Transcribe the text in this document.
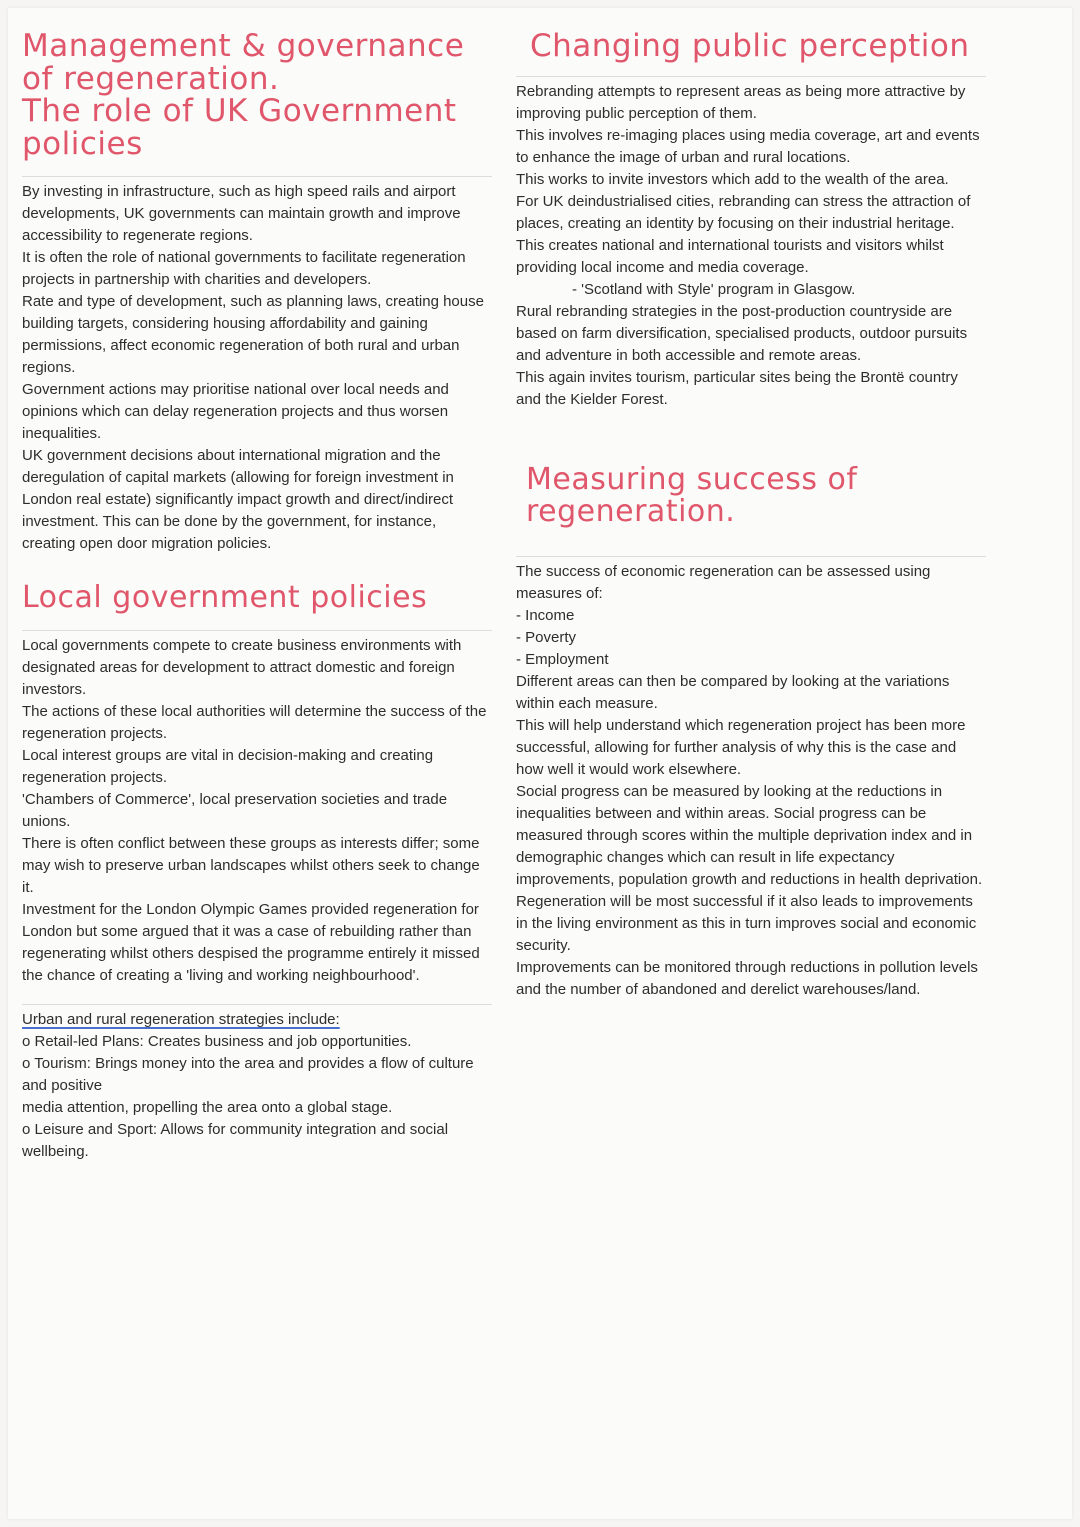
Management & governance
of regeneration.
The role of UK Government
policies

By investing in infrastructure, such as high speed rails and airport developments, UK governments can maintain growth and improve accessibility to regenerate regions.

It is often the role of national governments to facilitate regeneration projects in partnership with charities and developers.

Rate and type of development, such as planning laws, creating house building targets, considering housing affordability and gaining permissions, affect economic regeneration of both rural and urban regions.

Government actions may prioritise national over local needs and opinions which can delay regeneration projects and thus worsen inequalities.

UK government decisions about international migration and the deregulation of capital markets (allowing for foreign investment in London real estate) significantly impact growth and direct/indirect investment. This can be done by the government, for instance, creating open door migration policies.

Local government policies

Local governments compete to create business environments with designated areas for development to attract domestic and foreign investors.

The actions of these local authorities will determine the success of the regeneration projects.

Local interest groups are vital in decision-making and creating regeneration projects.

'Chambers of Commerce', local preservation societies and trade unions.

There is often conflict between these groups as interests differ; some may wish to preserve urban landscapes whilst others seek to change it.

Investment for the London Olympic Games provided regeneration for London but some argued that it was a case of rebuilding rather than regenerating whilst others despised the programme entirely it missed the chance of creating a 'living and working neighbourhood'.

Urban and rural regeneration strategies include:

o Retail-led Plans: Creates business and job opportunities.

o Tourism: Brings money into the area and provides a flow of culture and positive

media attention, propelling the area onto a global stage.

o Leisure and Sport: Allows for community integration and social wellbeing.

Changing public perception

Rebranding attempts to represent areas as being more attractive by improving public perception of them.

This involves re-imaging places using media coverage, art and events to enhance the image of urban and rural locations.

This works to invite investors which add to the wealth of the area.

For UK deindustrialised cities, rebranding can stress the attraction of places, creating an identity by focusing on their industrial heritage.

This creates national and international tourists and visitors whilst providing local income and media coverage.

- 'Scotland with Style' program in Glasgow.

Rural rebranding strategies in the post-production countryside are based on farm diversification, specialised products, outdoor pursuits and adventure in both accessible and remote areas.

This again invites tourism, particular sites being the Brontë country and the Kielder Forest.

Measuring success of
regeneration.

The success of economic regeneration can be assessed using measures of:

- Income

- Poverty

- Employment

Different areas can then be compared by looking at the variations within each measure.

This will help understand which regeneration project has been more successful, allowing for further analysis of why this is the case and how well it would work elsewhere.

Social progress can be measured by looking at the reductions in inequalities between and within areas. Social progress can be measured through scores within the multiple deprivation index and in demographic changes which can result in life expectancy improvements, population growth and reductions in health deprivation.

Regeneration will be most successful if it also leads to improvements in the living environment as this in turn improves social and economic security.

Improvements can be monitored through reductions in pollution levels and the number of abandoned and derelict warehouses/land.
